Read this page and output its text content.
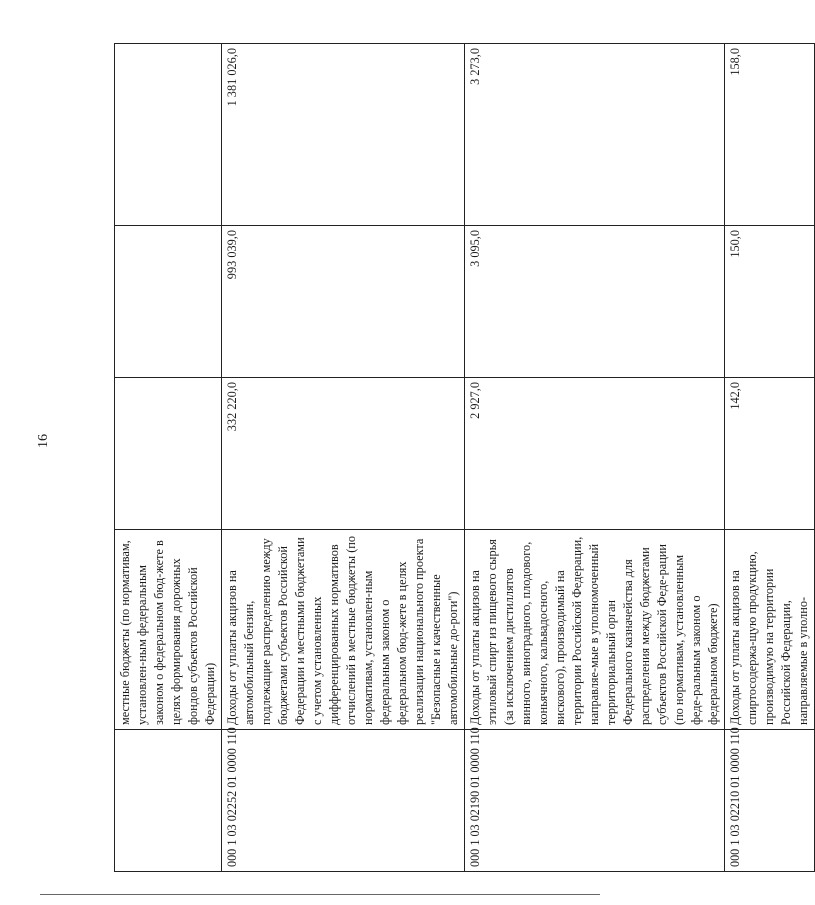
16
	местные бюджеты (по нормативам, установлен-ным федеральным законом о федеральном бюд-жете в целях формирования дорожных фондов субъектов Российской Федерации)			
000 1 03 02252 01 0000 110	Доходы от уплаты акцизов на автомобильный бензин, подлежащие распределению между бюджетами субъектов Российской Федерации и местными бюджетами с учетом установленных дифференцированных нормативов отчислений в местные бюджеты (по нормативам, установлен-ным федеральным законом о федеральном бюд-жете в целях реализации национального проекта "Безопасные и качественные автомобильные до-роги")	332 220,0	993 039,0	1 381 026,0
000 1 03 02190 01 0000 110	Доходы от уплаты акцизов на этиловый спирт из пищевого сырья (за исключением дистиллятов винного, виноградного, плодового, коньячного, кальвадосного, вискового), производимый на территории Российской Федерации, направляе-мые в уполномоченный территориальный орган Федерального казначейства для распределения между бюджетами субъектов Российской Феде-рации (по нормативам, установленным феде-ральным законом о федеральном бюджете)	2 927,0	3 095,0	3 273,0
000 1 03 02210 01 0000 110	Доходы от уплаты акцизов на спиртосодержа-щую продукцию, производимую на территории Российской Федерации, направляемые в уполно-	142,0	150,0	158,0
